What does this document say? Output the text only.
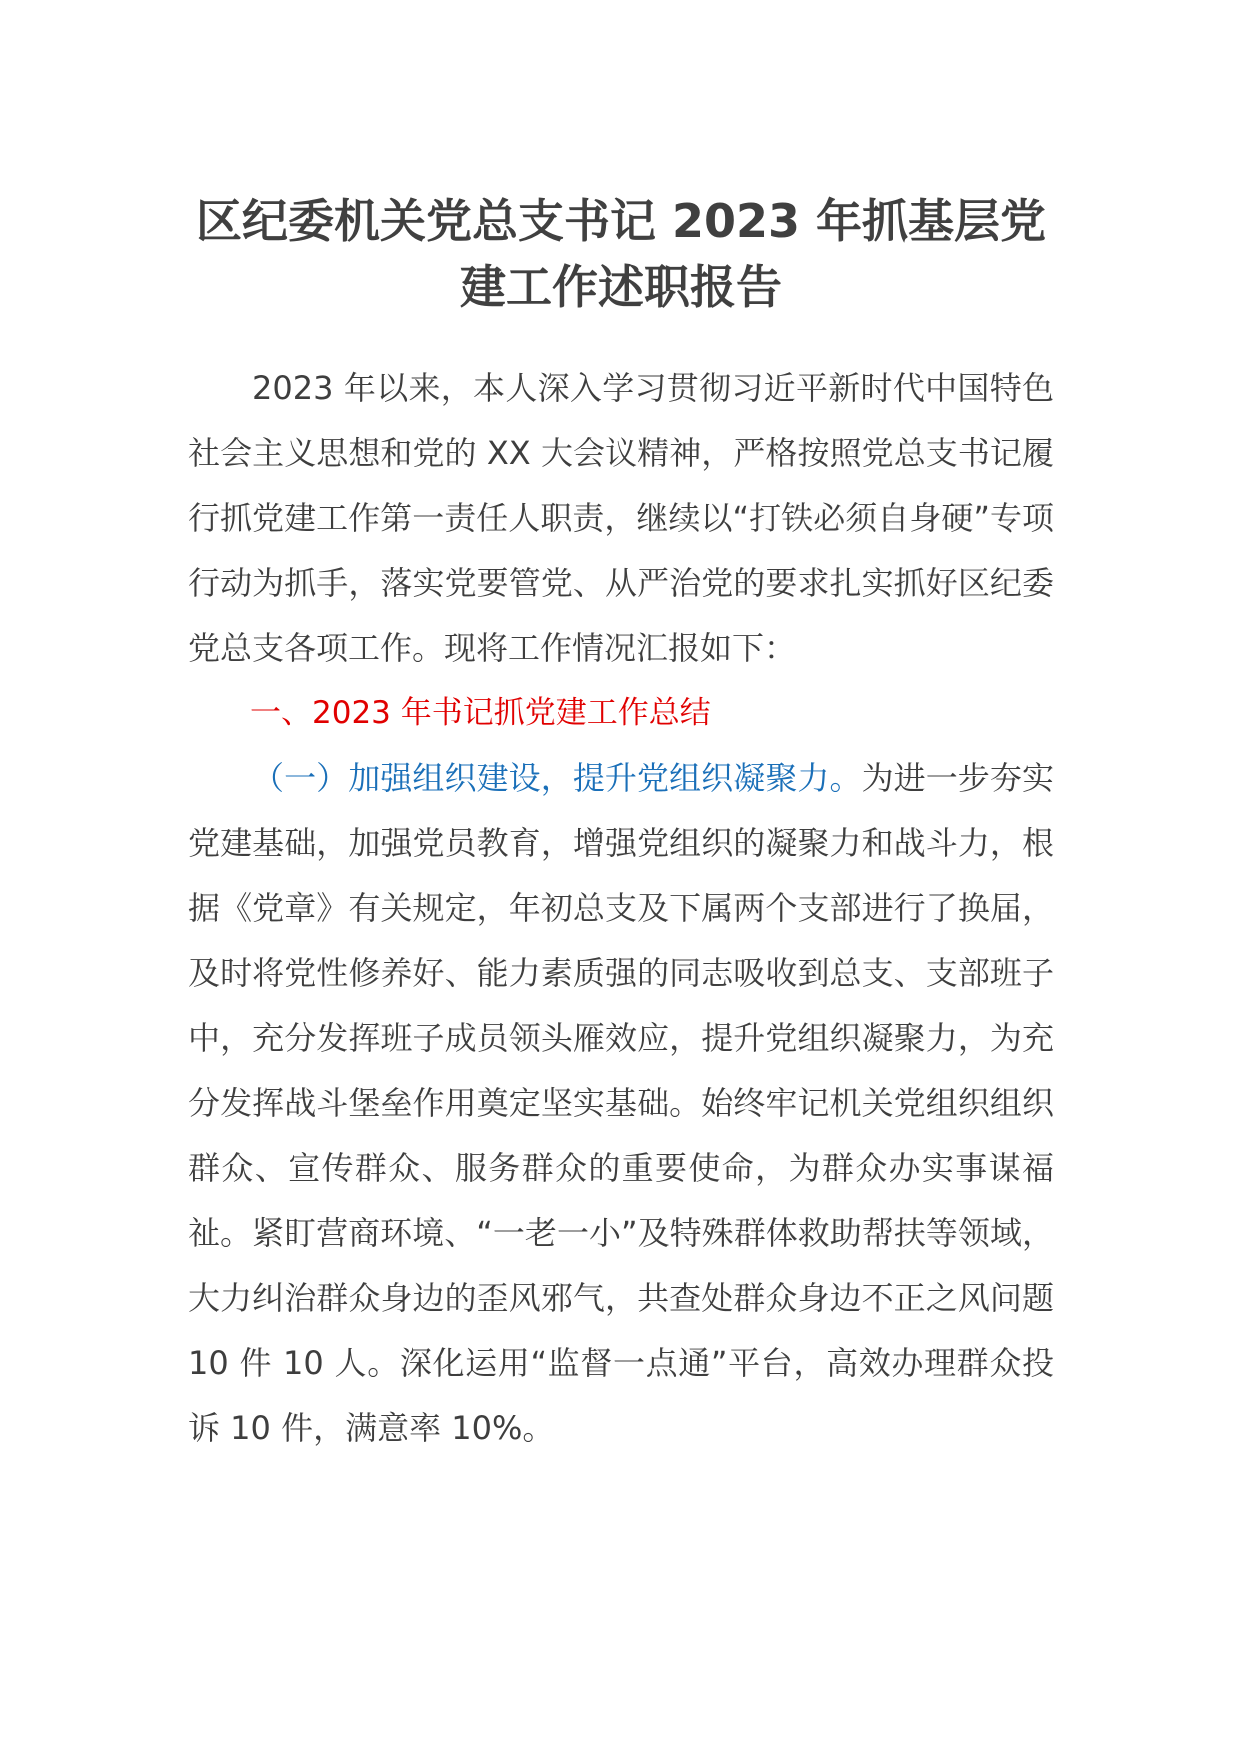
区纪委机关党总支书记 2023 年抓基层党
建工作述职报告

2023 年以来，本人深入学习贯彻习近平新时代中国特色社会主义思想和党的 XX 大会议精神，严格按照党总支书记履行抓党建工作第一责任人职责，继续以“打铁必须自身硬”专项行动为抓手，落实党要管党、从严治党的要求扎实抓好区纪委党总支各项工作。现将工作情况汇报如下：

一、2023 年书记抓党建工作总结

（一）加强组织建设，提升党组织凝聚力。为进一步夯实党建基础，加强党员教育，增强党组织的凝聚力和战斗力，根据《党章》有关规定，年初总支及下属两个支部进行了换届，及时将党性修养好、能力素质强的同志吸收到总支、支部班子中，充分发挥班子成员领头雁效应，提升党组织凝聚力，为充分发挥战斗堡垒作用奠定坚实基础。始终牢记机关党组织组织群众、宣传群众、服务群众的重要使命，为群众办实事谋福祉。紧盯营商环境、“一老一小”及特殊群体救助帮扶等领域，大力纠治群众身边的歪风邪气，共查处群众身边不正之风问题 10 件 10 人。深化运用“监督一点通”平台，高效办理群众投诉 10 件，满意率 10%。
